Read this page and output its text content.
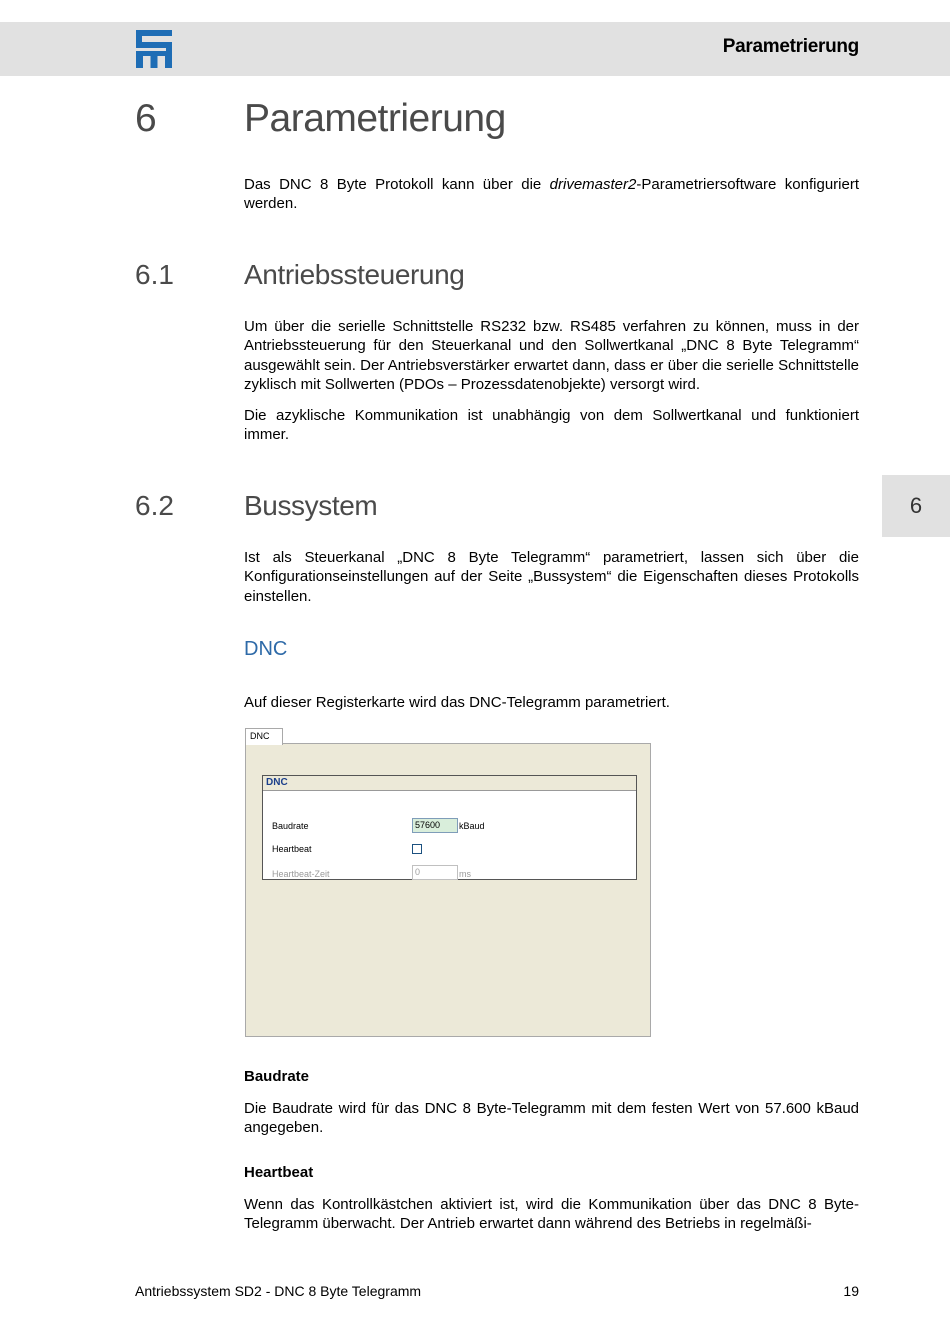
Parametrierung
6 Parametrierung

Das DNC 8 Byte Protokoll kann über die drivemaster2-Parametriersoftware konfiguriert werden.

6.1	Antriebssteuerung

Um über die serielle Schnittstelle RS232 bzw. RS485 verfahren zu können, muss in der Antriebssteuerung für den Steuerkanal und den Sollwertkanal „DNC 8 Byte Telegramm“ ausgewählt sein. Der Antriebsverstärker erwartet dann, dass er über die serielle Schnittstelle zyklisch mit Sollwerten (PDOs – Prozessdatenobjekte) versorgt wird.

Die azyklische Kommunikation ist unabhängig von dem Sollwertkanal und funktioniert immer.

6.2	Bussystem	6

Ist als Steuerkanal „DNC 8 Byte Telegramm“ parametriert, lassen sich über die Konfigurationseinstellungen auf der Seite „Bussystem“ die Eigenschaften dieses Protokolls einstellen.

DNC

Auf dieser Registerkarte wird das DNC-Telegramm parametriert.

DNC
DNC
Baudrate	57600	kBaud
Heartbeat
Heartbeat-Zeit	0	ms
Baudrate

Die Baudrate wird für das DNC 8 Byte-Telegramm mit dem festen Wert von 57.600 kBaud angegeben.

Heartbeat

Wenn das Kontrollkästchen aktiviert ist, wird die Kommunikation über das DNC 8 Byte-Telegramm überwacht. Der Antrieb erwartet dann während des Betriebs in regelmäßi-

Antriebssystem SD2 - DNC 8 Byte Telegramm	19
